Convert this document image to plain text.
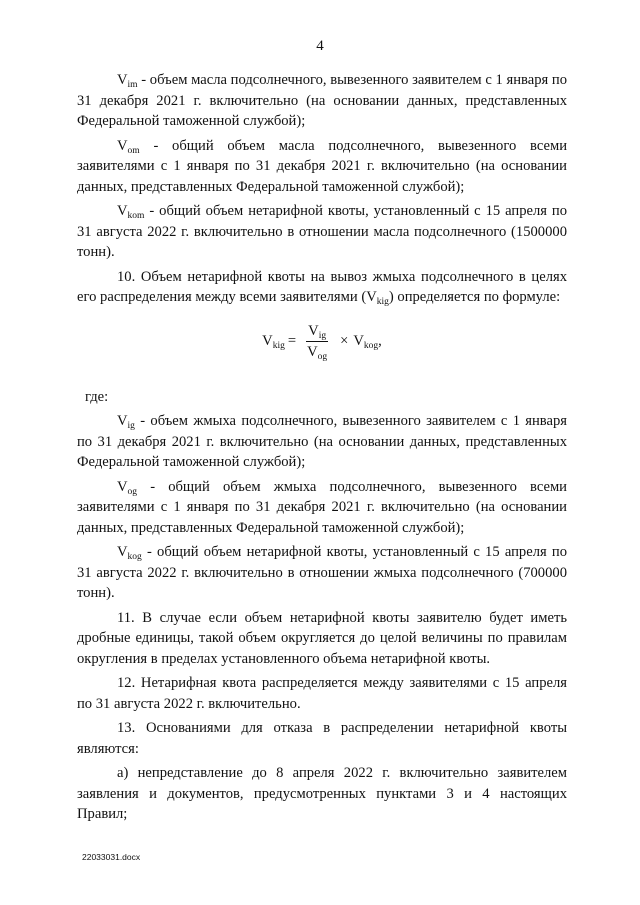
4

$V_{im}$ - объем масла подсолнечного, вывезенного заявителем с 1 января по 31 декабря 2021 г. включительно (на основании данных, представленных Федеральной таможенной службой);

$V_{om}$ - общий объем масла подсолнечного, вывезенного всеми заявителями с 1 января по 31 декабря 2021 г. включительно (на основании данных, представленных Федеральной таможенной службой);

$V_{kom}$ - общий объем нетарифной квоты, установленный с 15 апреля по 31 августа 2022 г. включительно в отношении масла подсолнечного (1500000 тонн).

10. Объем нетарифной квоты на вывоз жмыха подсолнечного в целях его распределения между всеми заявителями $(V_{kig})$ определяется по формуле:

$V_{kig} = \frac{V_{ig}}{V_{og}} \times V_{kog}$ ,

где:

$V_{ig}$ - объем жмыха подсолнечного, вывезенного заявителем с 1 января по 31 декабря 2021 г. включительно (на основании данных, представленных Федеральной таможенной службой);

$V_{og}$ - общий объем жмыха подсолнечного, вывезенного всеми заявителями с 1 января по 31 декабря 2021 г. включительно (на основании данных, представленных Федеральной таможенной службой);

$V_{kog}$ - общий объем нетарифной квоты, установленный с 15 апреля по 31 августа 2022 г. включительно в отношении жмыха подсолнечного (700000 тонн).

11. В случае если объем нетарифной квоты заявителю будет иметь дробные единицы, такой объем округляется до целой величины по правилам округления в пределах установленного объема нетарифной квоты.

12. Нетарифная квота распределяется между заявителями с 15 апреля по 31 августа 2022 г. включительно.

13. Основаниями для отказа в распределении нетарифной квоты являются:

а) непредставление до 8 апреля 2022 г. включительно заявителем заявления и документов, предусмотренных пунктами 3 и 4 настоящих Правил;

22033031.docx
